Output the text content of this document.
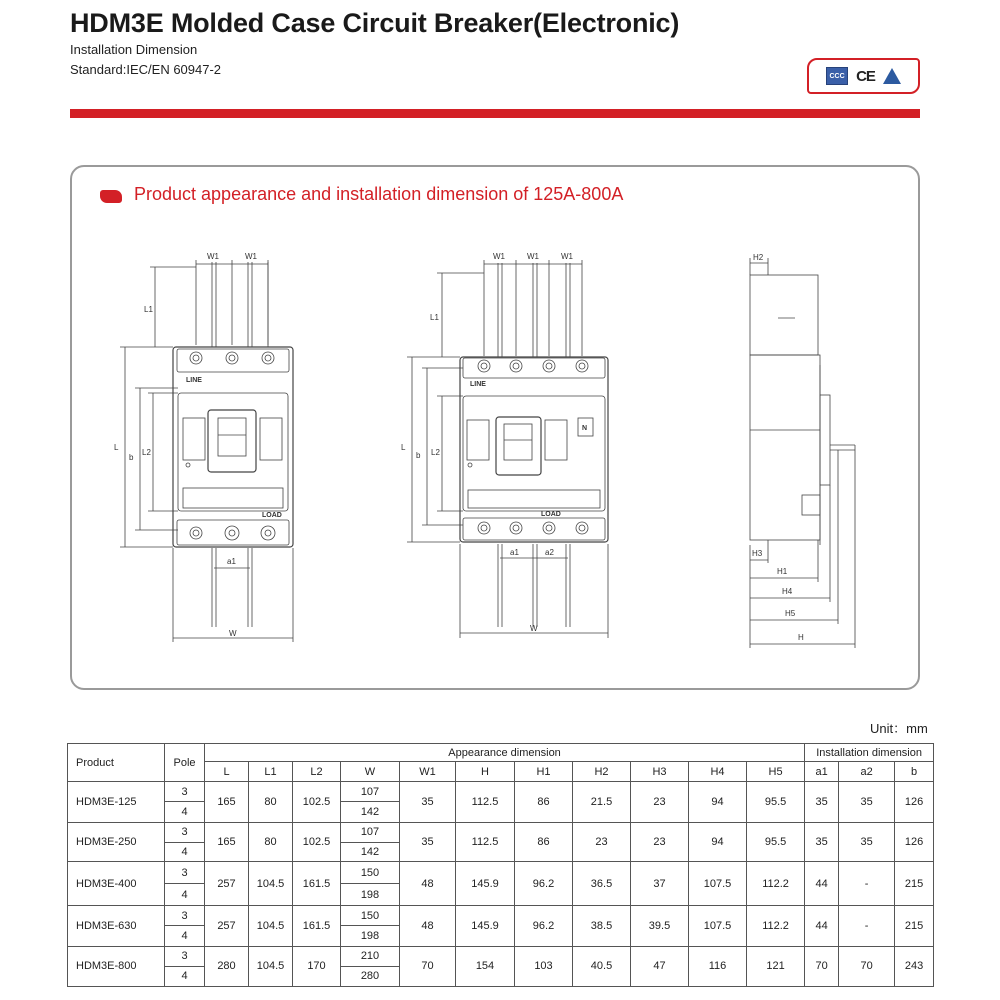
HDM3E Molded Case Circuit Breaker(Electronic)
Installation Dimension
Standard:IEC/EN 60947-2	CCC CE
Product appearance and installation dimension of 125A-800A
W1	W1
L1
L
b
L2
LINE
LOAD
a1
W
W1	W1	W1
L1
L
b L2
LINE
LOAD
N
a1	a2
W
H2
H3
H1
H4
H5
H
Unit：mm
Product	Pole	Appearance dimension											Installation dimension		
		L	L1	L2	W	W1	H	H1	H2	H3	H4	H5	a1	a2	b
HDM3E-125	3	165	80	102.5	107	35	112.5	86	21.5	23	94	95.5	35	35	126
	4				142										
HDM3E-250	3	165	80	102.5	107	35	112.5	86	23	23	94	95.5	35	35	126
	4				142										
HDM3E-400	3	257	104.5	161.5	150	48	145.9	96.2	36.5	37	107.5	112.2	44	-	215
	4				198										
HDM3E-630	3	257	104.5	161.5	150	48	145.9	96.2	38.5	39.5	107.5	112.2	44	-	215
	4				198										
HDM3E-800	3	280	104.5	170	210	70	154	103	40.5	47	116	121	70	70	243
	4				280										
